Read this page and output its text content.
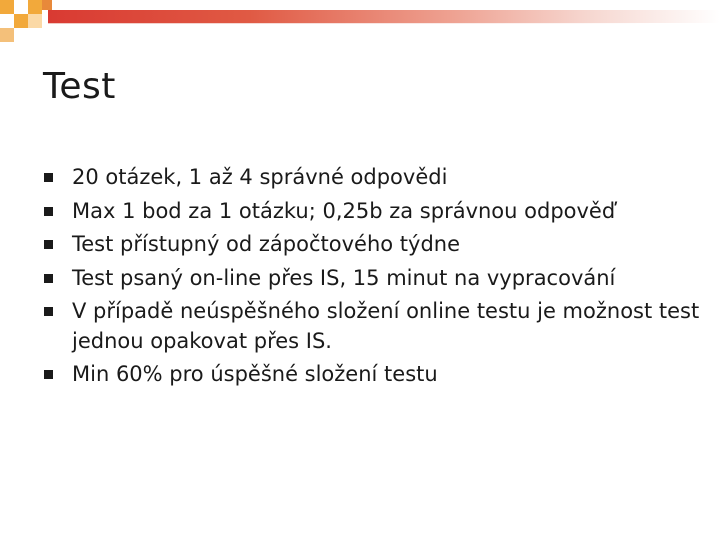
Test
20 otázek, 1 až 4 správné odpovědi
Max 1 bod za 1 otázku; 0,25b za správnou odpověď
Test přístupný od zápočtového týdne
Test psaný on-line přes IS, 15 minut na vypracování
V případě neúspěšného složení online testu je možnost test jednou opakovat přes IS.
Min 60% pro úspěšné složení testu
